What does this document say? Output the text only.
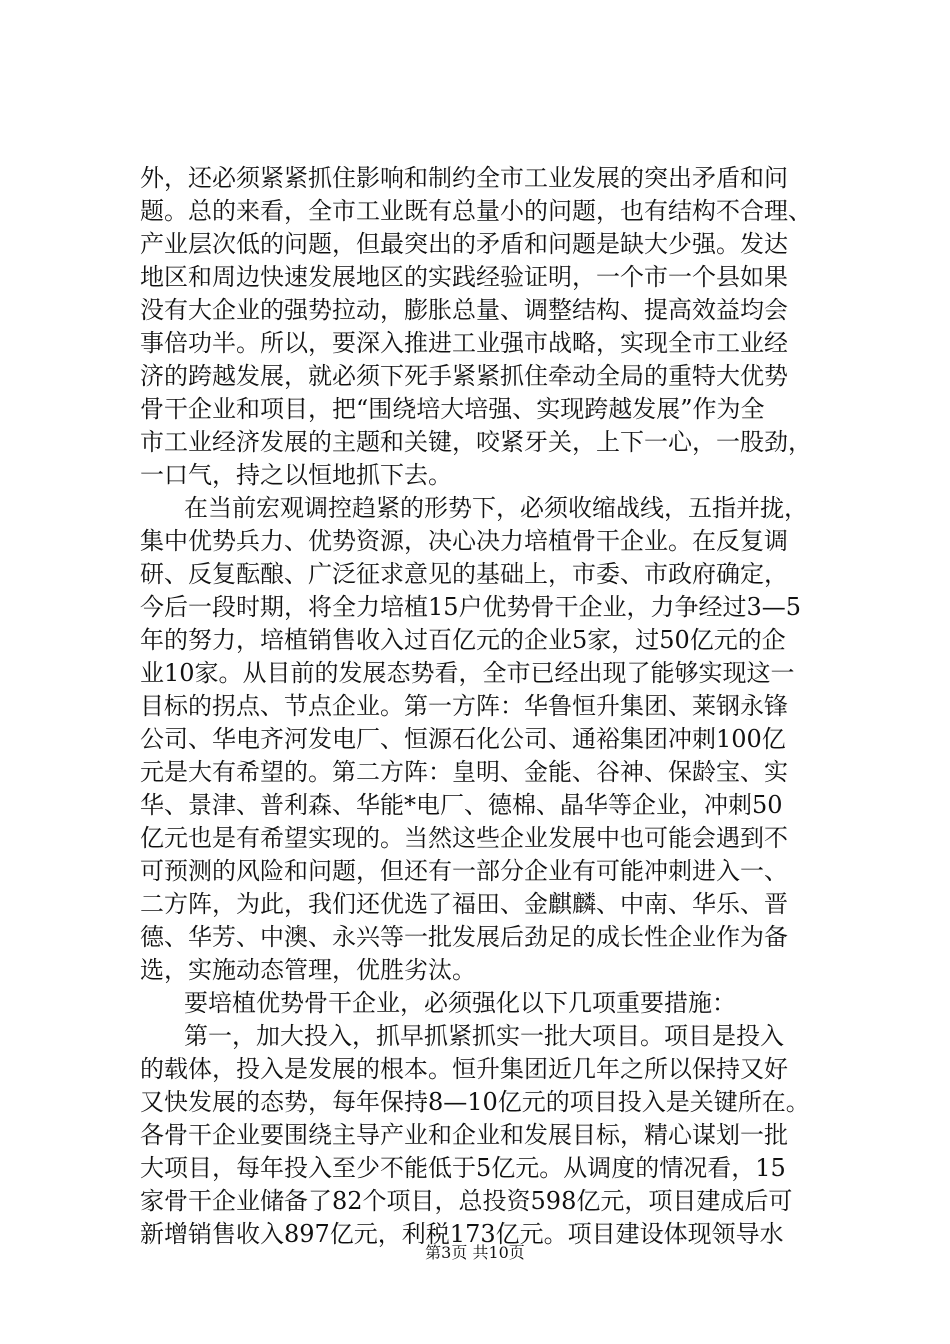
外，还必须紧紧抓住影响和制约全市工业发展的突出矛盾和问
题。总的来看，全市工业既有总量小的问题，也有结构不合理、
产业层次低的问题，但最突出的矛盾和问题是缺大少强。发达
地区和周边快速发展地区的实践经验证明，一个市一个县如果
没有大企业的强势拉动，膨胀总量、调整结构、提高效益均会
事倍功半。所以，要深入推进工业强市战略，实现全市工业经
济的跨越发展，就必须下死手紧紧抓住牵动全局的重特大优势
骨干企业和项目，把“围绕培大培强、实现跨越发展”作为全
市工业经济发展的主题和关键，咬紧牙关，上下一心，一股劲，
一口气，持之以恒地抓下去。
在当前宏观调控趋紧的形势下，必须收缩战线，五指并拢，
集中优势兵力、优势资源，决心决力培植骨干企业。在反复调
研、反复酝酿、广泛征求意见的基础上，市委、市政府确定，
今后一段时期，将全力培植15户优势骨干企业，力争经过3—5
年的努力，培植销售收入过百亿元的企业5家，过50亿元的企
业10家。从目前的发展态势看，全市已经出现了能够实现这一
目标的拐点、节点企业。第一方阵：华鲁恒升集团、莱钢永锋
公司、华电齐河发电厂、恒源石化公司、通裕集团冲刺100亿
元是大有希望的。第二方阵：皇明、金能、谷神、保龄宝、实
华、景津、普利森、华能*电厂、德棉、晶华等企业，冲刺50
亿元也是有希望实现的。当然这些企业发展中也可能会遇到不
可预测的风险和问题，但还有一部分企业有可能冲刺进入一、
二方阵，为此，我们还优选了福田、金麒麟、中南、华乐、晋
德、华芳、中澳、永兴等一批发展后劲足的成长性企业作为备
选，实施动态管理，优胜劣汰。
要培植优势骨干企业，必须强化以下几项重要措施：
第一，加大投入，抓早抓紧抓实一批大项目。项目是投入
的载体，投入是发展的根本。恒升集团近几年之所以保持又好
又快发展的态势，每年保持8—10亿元的项目投入是关键所在。
各骨干企业要围绕主导产业和企业和发展目标，精心谋划一批
大项目，每年投入至少不能低于5亿元。从调度的情况看，15
家骨干企业储备了82个项目，总投资598亿元，项目建成后可
新增销售收入897亿元，利税173亿元。项目建设体现领导水
第3页 共10页
